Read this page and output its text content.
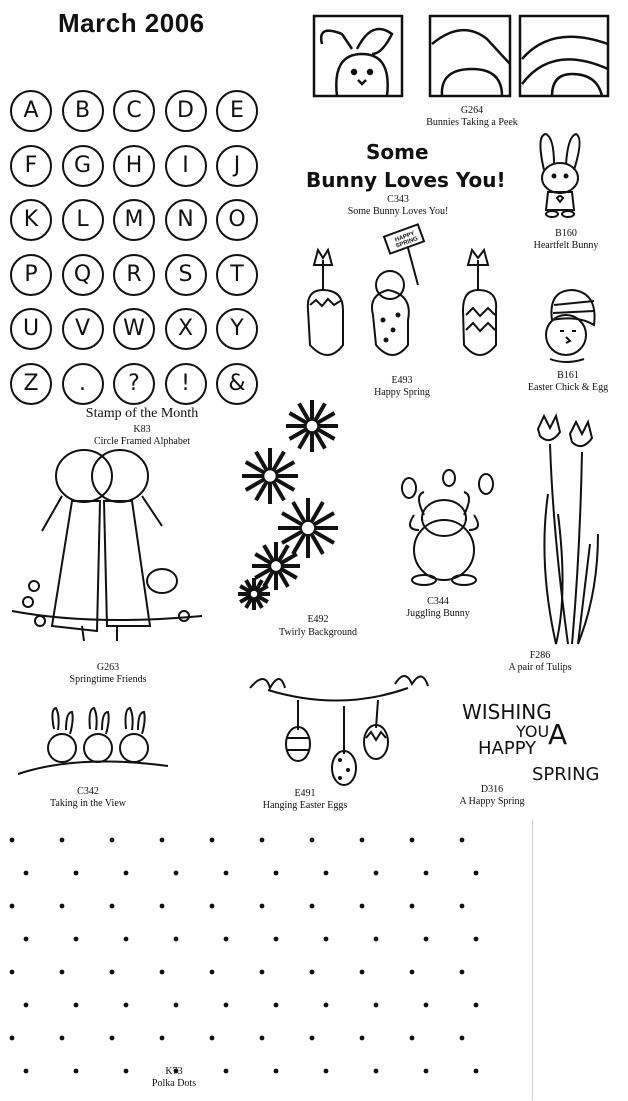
March 2006
A	B	C	D	E
F	G	H	I	J
K	L	M	N	O
P	Q	R	S	T
U	V	W	X	Y
Z	.	?	!	&
Stamp of the Month
K83
Circle Framed Alphabet
G264
Bunnies Taking a Peek
Some
Bunny Loves You!
C343
Some Bunny Loves You!
B160
Heartfelt Bunny
HAPPY SPRING
E493
Happy Spring
B161
Easter Chick & Egg
E492
Twirly Background
C344
Juggling Bunny
F286
A pair of Tulips
G263
Springtime Friends
C342
Taking in the View
E491
Hanging Easter Eggs
WISHING
YOU
A
HAPPY
SPRING
D316
A Happy Spring
K73
Polka Dots
